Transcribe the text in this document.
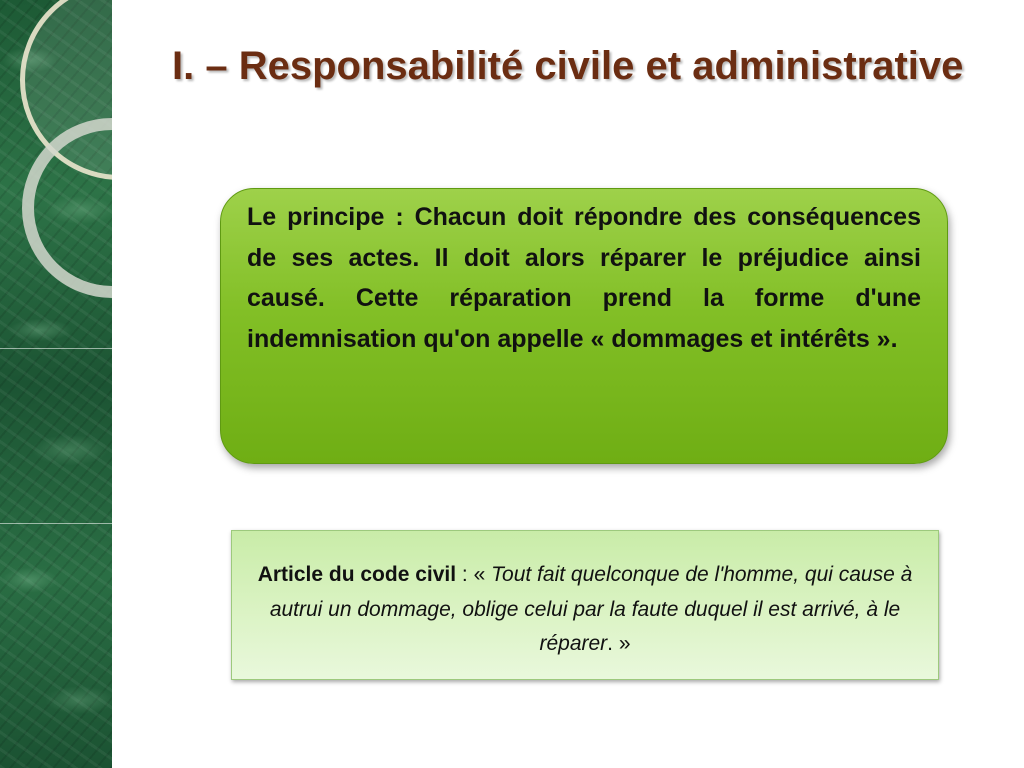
I. – Responsabilité civile et administrative

Le principe : Chacun doit répondre des conséquences de ses actes. Il doit alors réparer le préjudice ainsi causé. Cette réparation prend la forme d'une indemnisation qu'on appelle « dommages et intérêts ».

Article du code civil : « Tout fait quelconque de l'homme, qui cause à autrui un dommage, oblige celui par la faute duquel il est arrivé, à le réparer. »
